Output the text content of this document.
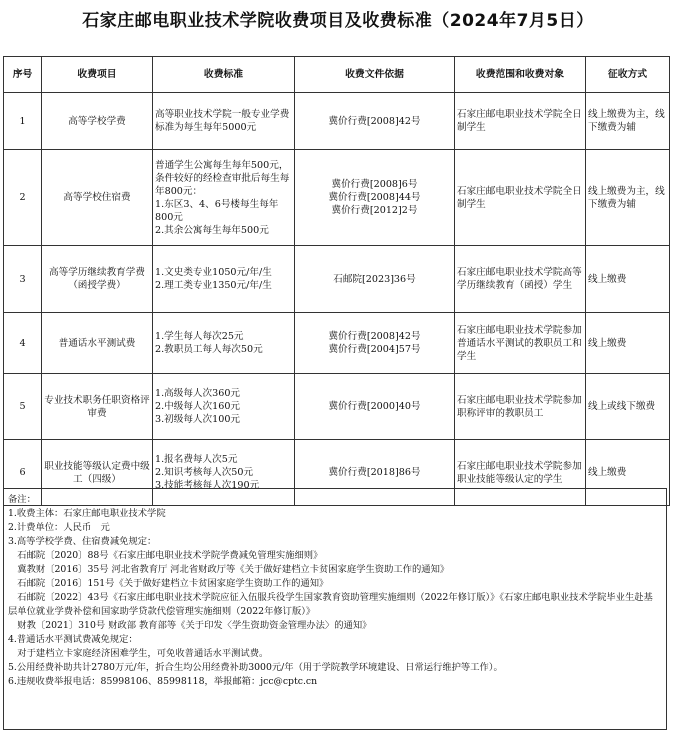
石家庄邮电职业技术学院收费项目及收费标准（2024年7月5日）
序号	收费项目	收费标准	收费文件依据	收费范围和收费对象	征收方式
1	高等学校学费	高等职业技术学院一般专业学费标准为每生每年5000元	冀价行费[2008]42号	石家庄邮电职业技术学院全日制学生	线上缴费为主，线下缴费为辅
2	高等学校住宿费	普通学生公寓每生每年500元，条件较好的经检查审批后每生每年800元：
1.东区3、4、6号楼每生每年800元
2.其余公寓每生每年500元	冀价行费[2008]6号
冀价行费[2008]44号
冀价行费[2012]2号	石家庄邮电职业技术学院全日制学生	线上缴费为主，线下缴费为辅
3	高等学历继续教育学费（函授学费）	1.文史类专业1050元/年/生
2.理工类专业1350元/年/生	石邮院[2023]36号	石家庄邮电职业技术学院高等学历继续教育（函授）学生	线上缴费
4	普通话水平测试费	1.学生每人每次25元
2.教职员工每人每次50元	冀价行费[2008]42号
冀价行费[2004]57号	石家庄邮电职业技术学院参加普通话水平测试的教职员工和学生	线上缴费
5	专业技术职务任职资格评审费	1.高级每人次360元
2.中级每人次160元
3.初级每人次100元	冀价行费[2000]40号	石家庄邮电职业技术学院参加职称评审的教职员工	线上或线下缴费
6	职业技能等级认定费中级工（四级）	1.报名费每人次5元
2.知识考核每人次50元
3.技能考核每人次190元	冀价行费[2018]86号	石家庄邮电职业技术学院参加职业技能等级认定的学生	线上缴费
备注：
1.收费主体：石家庄邮电职业技术学院
2.计费单位：人民币　元
3.高等学校学费、住宿费减免规定：
　石邮院〔2020〕88号《石家庄邮电职业技术学院学费减免管理实施细则》
　冀教财〔2016〕35号 河北省教育厅 河北省财政厅等《关于做好建档立卡贫困家庭学生资助工作的通知》
　石邮院〔2016〕151号《关于做好建档立卡贫困家庭学生资助工作的通知》
　石邮院〔2022〕43号《石家庄邮电职业技术学院应征入伍服兵役学生国家教育资助管理实施细则（2022年修订版）》《石家庄邮电职业技术学院毕业生赴基层单位就业学费补偿和国家助学贷款代偿管理实施细则（2022年修订版）》
　财教〔2021〕310号 财政部 教育部等《关于印发〈学生资助资金管理办法〉的通知》
4.普通话水平测试费减免规定：
　对于建档立卡家庭经济困难学生，可免收普通话水平测试费。
5.公用经费补助共计2780万元/年，折合生均公用经费补助3000元/年（用于学院教学环境建设、日常运行维护等工作）。
6.违规收费举报电话：85998106、85998118，举报邮箱：jcc@cptc.cn
